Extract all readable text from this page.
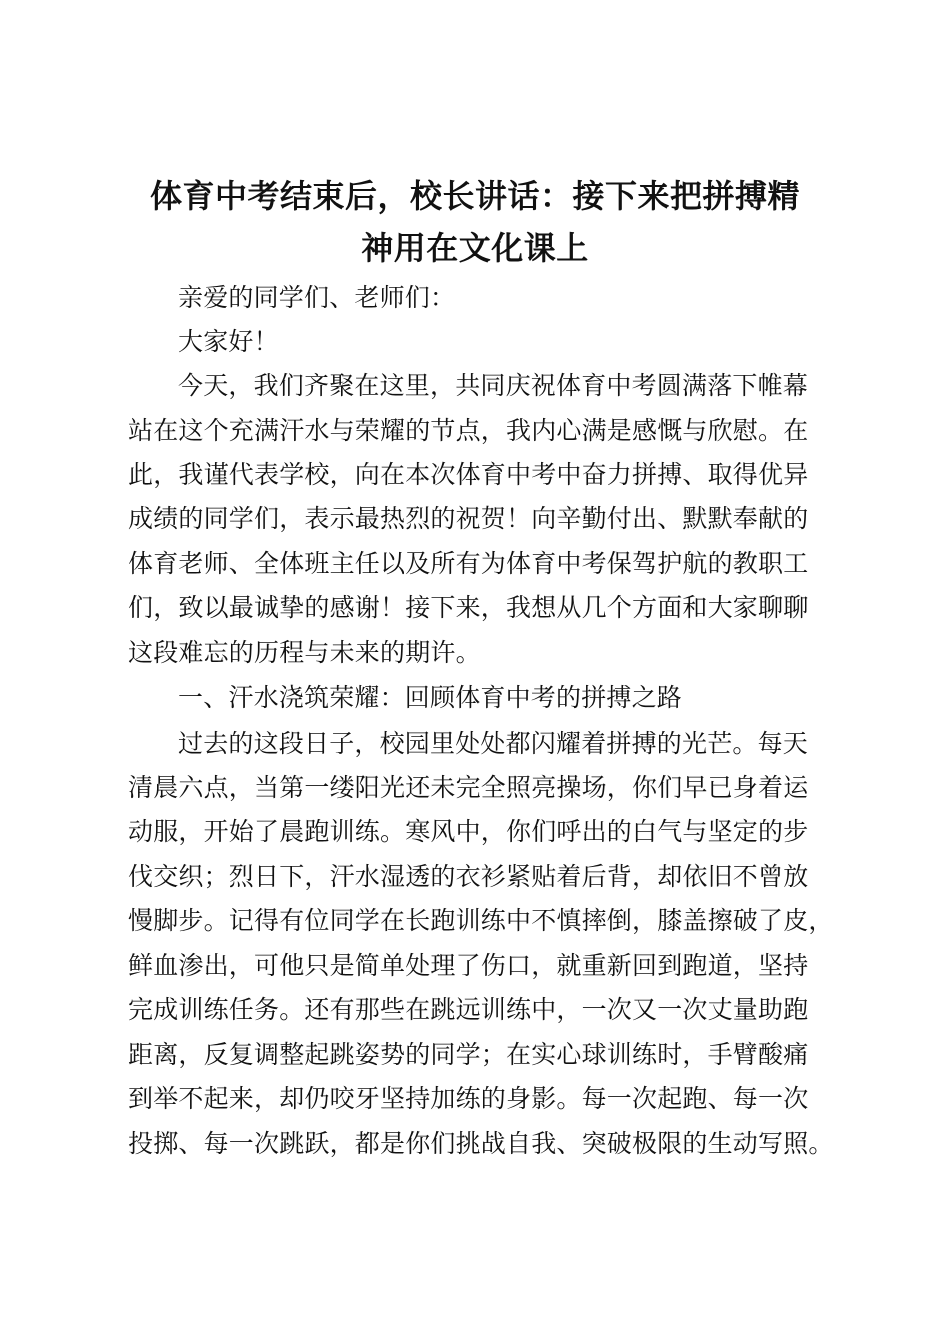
体育中考结束后，校长讲话：接下来把拼搏精
神用在文化课上
亲爱的同学们、老师们：
大家好！
今天，我们齐聚在这里，共同庆祝体育中考圆满落下帷幕
站在这个充满汗水与荣耀的节点，我内心满是感慨与欣慰。在
此，我谨代表学校，向在本次体育中考中奋力拼搏、取得优异
成绩的同学们，表示最热烈的祝贺！向辛勤付出、默默奉献的
体育老师、全体班主任以及所有为体育中考保驾护航的教职工
们，致以最诚挚的感谢！接下来，我想从几个方面和大家聊聊
这段难忘的历程与未来的期许。
一、汗水浇筑荣耀：回顾体育中考的拼搏之路
过去的这段日子，校园里处处都闪耀着拼搏的光芒。每天
清晨六点，当第一缕阳光还未完全照亮操场，你们早已身着运
动服，开始了晨跑训练。寒风中，你们呼出的白气与坚定的步
伐交织；烈日下，汗水湿透的衣衫紧贴着后背，却依旧不曾放
慢脚步。记得有位同学在长跑训练中不慎摔倒，膝盖擦破了皮，
鲜血渗出，可他只是简单处理了伤口，就重新回到跑道，坚持
完成训练任务。还有那些在跳远训练中，一次又一次丈量助跑
距离，反复调整起跳姿势的同学；在实心球训练时，手臂酸痛
到举不起来，却仍咬牙坚持加练的身影。每一次起跑、每一次
投掷、每一次跳跃，都是你们挑战自我、突破极限的生动写照。
